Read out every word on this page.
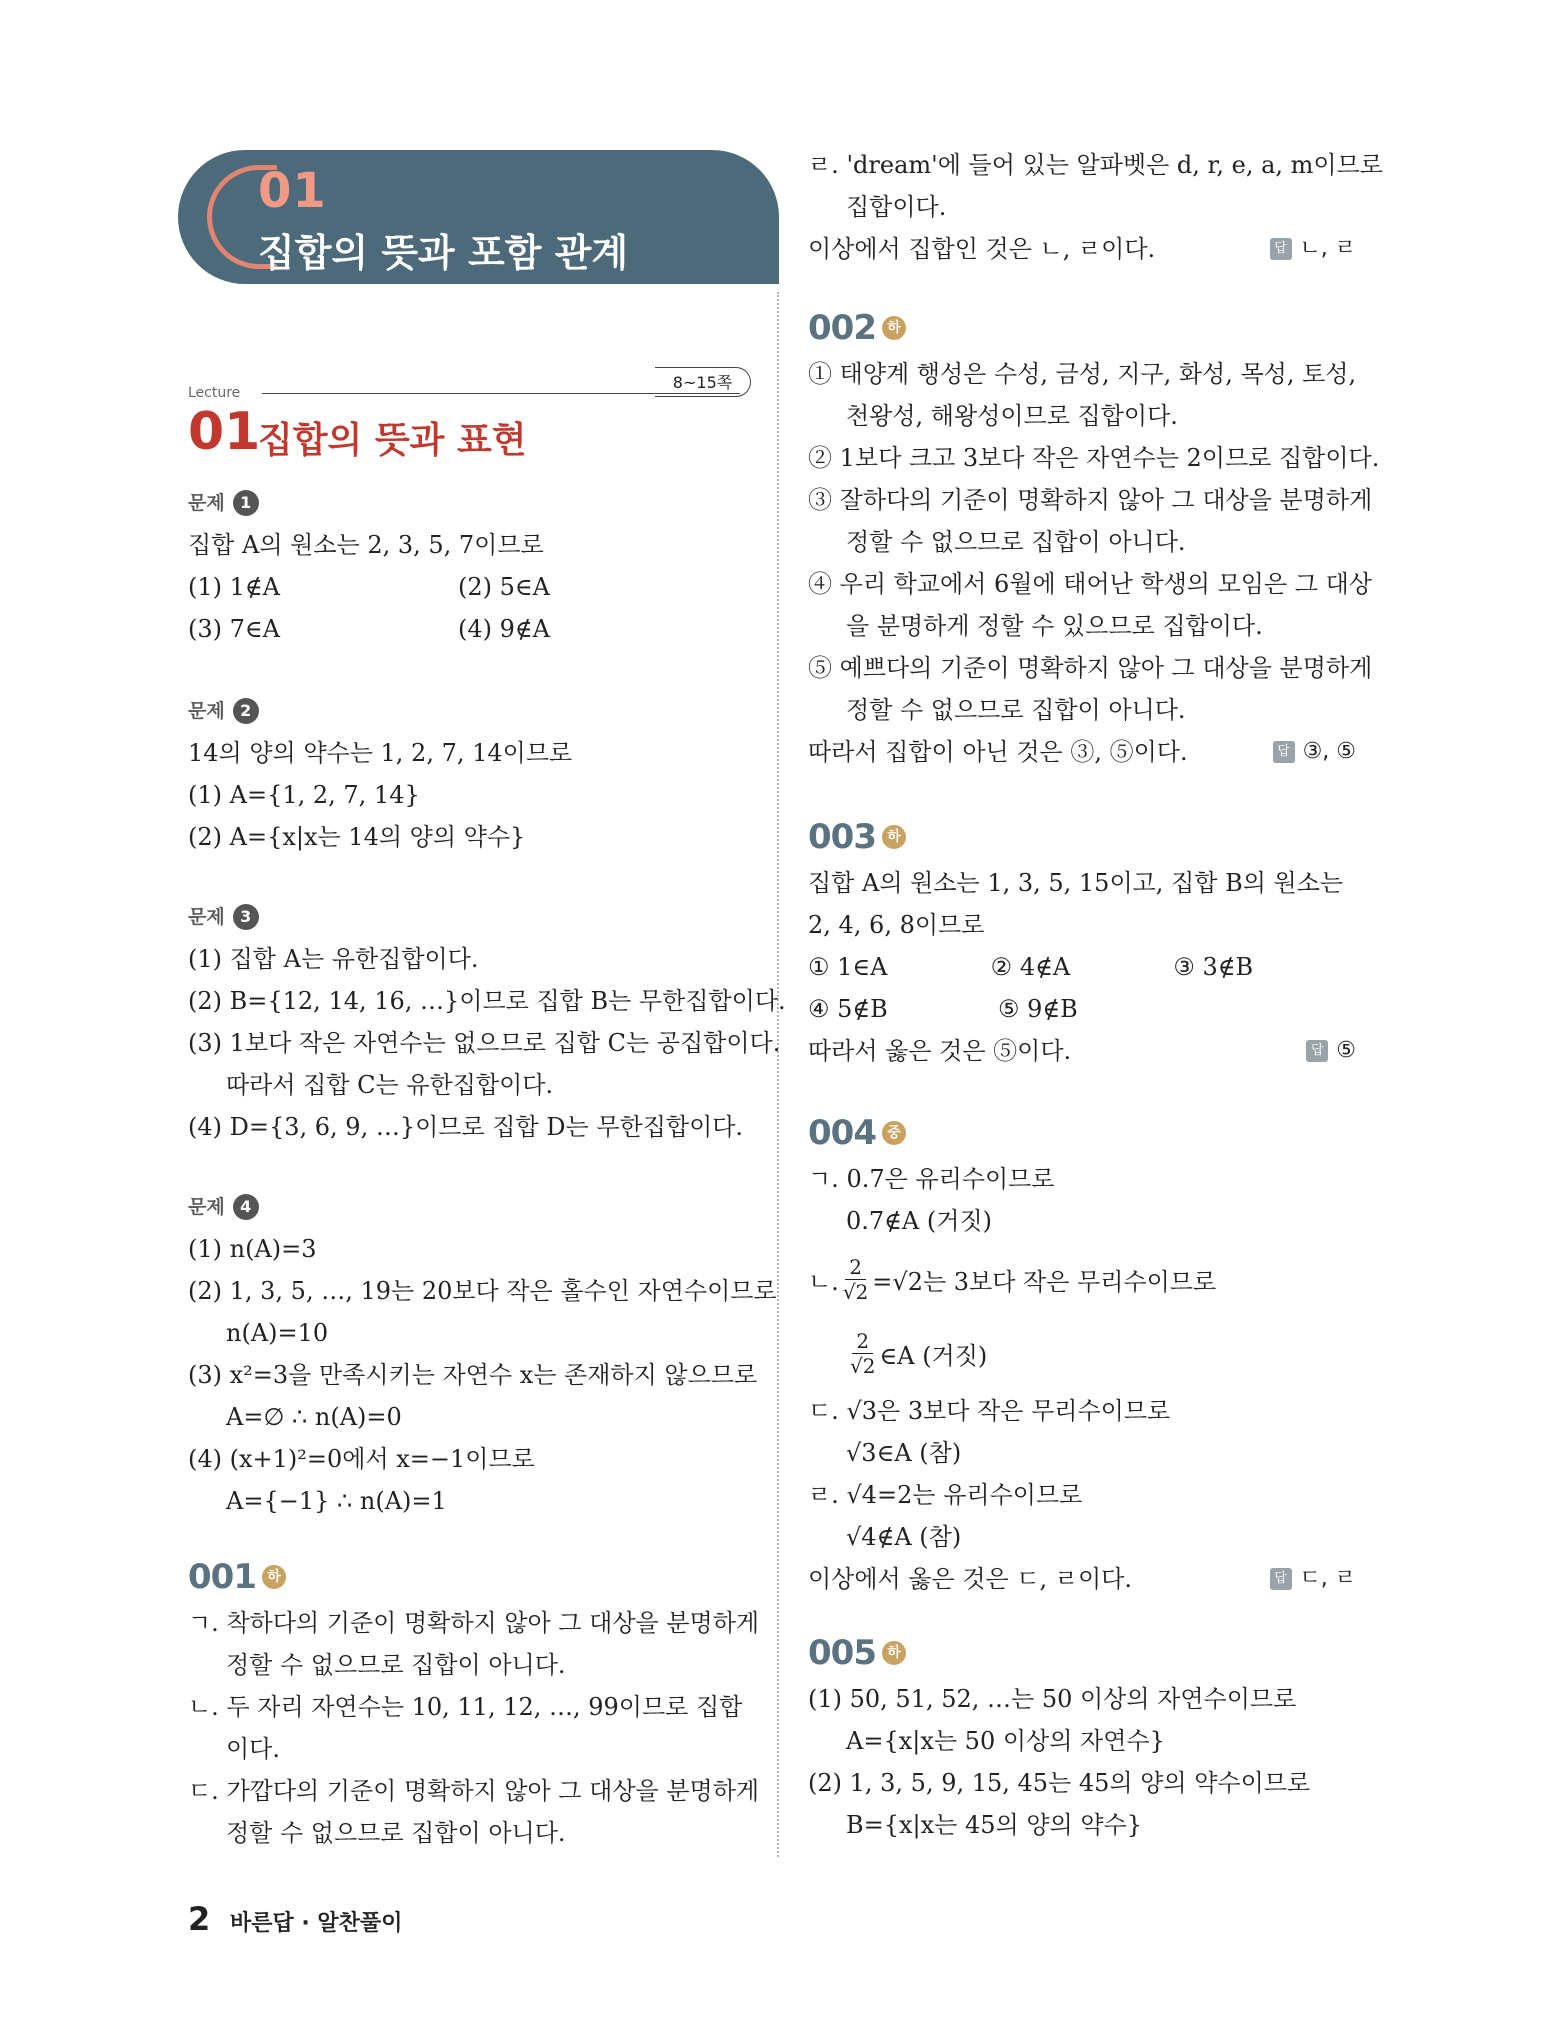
01
집합의 뜻과 포함 관계
Lecture
8~15쪽
01
집합의 뜻과 표현
문제 1
집합 A의 원소는 2, 3, 5, 7이므로
(1) 1∉A	(2) 5∈A
(3) 7∈A	(4) 9∉A
문제 2
14의 양의 약수는 1, 2, 7, 14이므로
(1) A={1, 2, 7, 14}
(2) A={x|x는 14의 양의 약수}
문제 3
(1) 집합 A는 유한집합이다.
(2) B={12, 14, 16, …}이므로 집합 B는 무한집합이다.
(3) 1보다 작은 자연수는 없으므로 집합 C는 공집합이다.
따라서 집합 C는 유한집합이다.
(4) D={3, 6, 9, …}이므로 집합 D는 무한집합이다.
문제 4
(1) n(A)=3
(2) 1, 3, 5, …, 19는 20보다 작은 홀수인 자연수이므로
n(A)=10
(3) x²=3을 만족시키는 자연수 x는 존재하지 않으므로
A=∅ ∴ n(A)=0
(4) (x+1)²=0에서 x=−1이므로
A={−1} ∴ n(A)=1
001 하
ㄱ. 착하다의 기준이 명확하지 않아 그 대상을 분명하게
정할 수 없으므로 집합이 아니다.
ㄴ. 두 자리 자연수는 10, 11, 12, …, 99이므로 집합
이다.
ㄷ. 가깝다의 기준이 명확하지 않아 그 대상을 분명하게
정할 수 없으므로 집합이 아니다.
ㄹ. 'dream'에 들어 있는 알파벳은 d, r, e, a, m이므로
집합이다.
이상에서 집합인 것은 ㄴ, ㄹ이다.	답 ㄴ, ㄹ
002 하
① 태양계 행성은 수성, 금성, 지구, 화성, 목성, 토성,
천왕성, 해왕성이므로 집합이다.
② 1보다 크고 3보다 작은 자연수는 2이므로 집합이다.
③ 잘하다의 기준이 명확하지 않아 그 대상을 분명하게
정할 수 없으므로 집합이 아니다.
④ 우리 학교에서 6월에 태어난 학생의 모임은 그 대상
을 분명하게 정할 수 있으므로 집합이다.
⑤ 예쁘다의 기준이 명확하지 않아 그 대상을 분명하게
정할 수 없으므로 집합이 아니다.
따라서 집합이 아닌 것은 ③, ⑤이다.	답 ③, ⑤
003 하
집합 A의 원소는 1, 3, 5, 15이고, 집합 B의 원소는
2, 4, 6, 8이므로
① 1∈A	② 4∉A	③ 3∉B
④ 5∉B	⑤ 9∉B
따라서 옳은 것은 ⑤이다.	답 ⑤
004 중
ㄱ. 0.7은 유리수이므로
0.7∉A (거짓)
ㄴ. $\frac{2}{√2} =√2$는 3보다 작은 무리수이므로
$\frac{2}{√2}$ ∈A (거짓)
ㄷ. √3은 3보다 작은 무리수이므로
√3∈A (참)
ㄹ. √4=2는 유리수이므로
√4∉A (참)
이상에서 옳은 것은 ㄷ, ㄹ이다.	답 ㄷ, ㄹ
005 하
(1) 50, 51, 52, …는 50 이상의 자연수이므로
A={x|x는 50 이상의 자연수}
(2) 1, 3, 5, 9, 15, 45는 45의 양의 약수이므로
B={x|x는 45의 양의 약수}
2 바른답 · 알찬풀이
